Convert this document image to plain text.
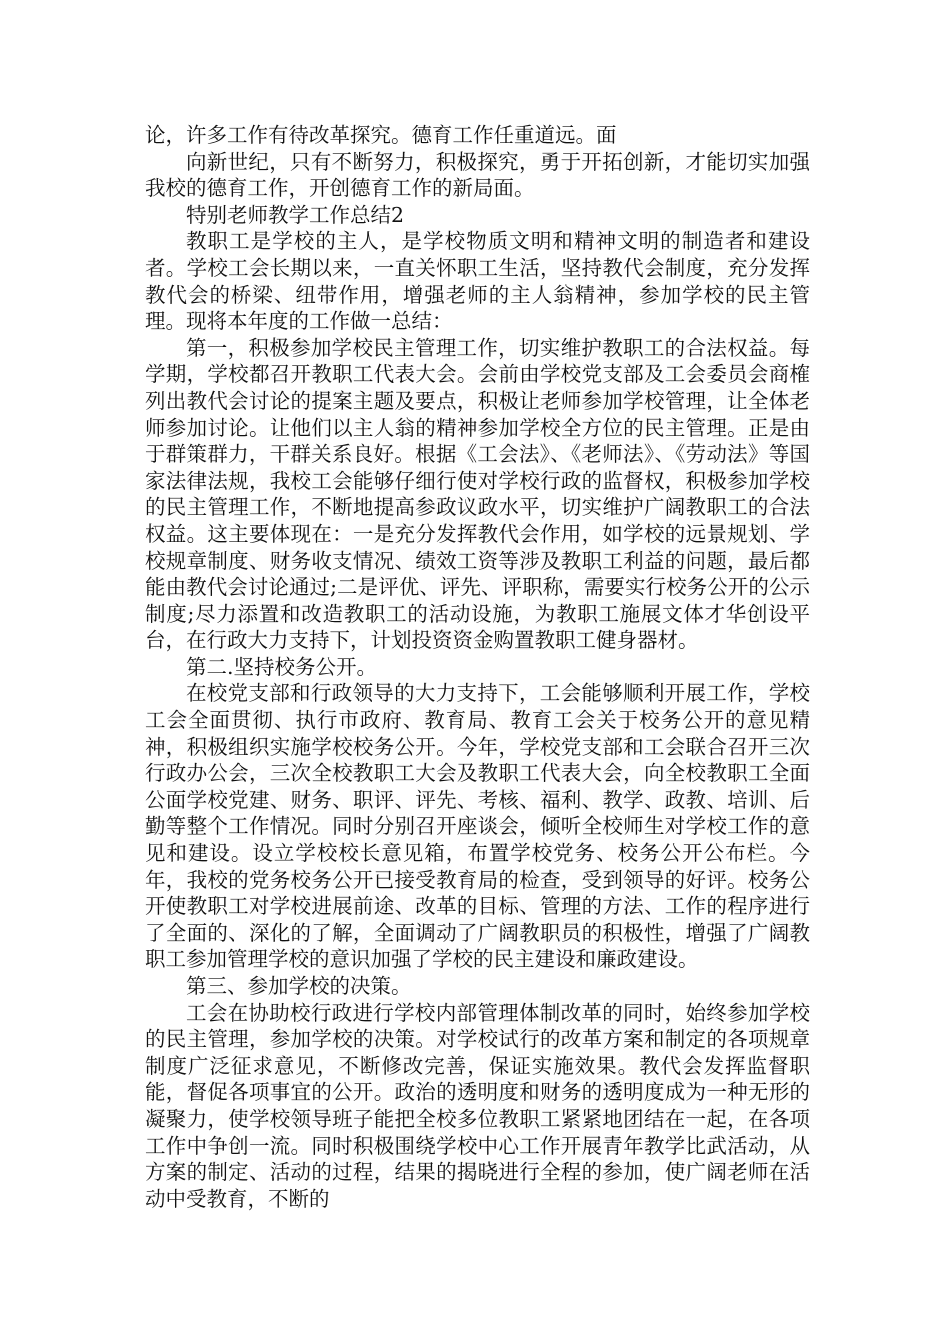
论，许多工作有待改革探究。德育工作任重道远。面

向新世纪，只有不断努力，积极探究，勇于开拓创新，才能切实加强我校的德育工作，开创德育工作的新局面。

特别老师教学工作总结2

教职工是学校的主人，是学校物质文明和精神文明的制造者和建设者。学校工会长期以来，一直关怀职工生活，坚持教代会制度，充分发挥教代会的桥梁、纽带作用，增强老师的主人翁精神，参加学校的民主管理。现将本年度的工作做一总结：

第一，积极参加学校民主管理工作，切实维护教职工的合法权益。每学期，学校都召开教职工代表大会。会前由学校党支部及工会委员会商榷列出教代会讨论的提案主题及要点，积极让老师参加学校管理，让全体老师参加讨论。让他们以主人翁的精神参加学校全方位的民主管理。正是由于群策群力，干群关系良好。根据《工会法》、《老师法》、《劳动法》等国家法律法规，我校工会能够仔细行使对学校行政的监督权，积极参加学校的民主管理工作，不断地提高参政议政水平，切实维护广阔教职工的合法权益。这主要体现在：一是充分发挥教代会作用，如学校的远景规划、学校规章制度、财务收支情况、绩效工资等涉及教职工利益的问题，最后都能由教代会讨论通过;二是评优、评先、评职称，需要实行校务公开的公示制度;尽力添置和改造教职工的活动设施，为教职工施展文体才华创设平台，在行政大力支持下，计划投资资金购置教职工健身器材。

第二.坚持校务公开。

在校党支部和行政领导的大力支持下，工会能够顺利开展工作，学校工会全面贯彻、执行市政府、教育局、教育工会关于校务公开的意见精神，积极组织实施学校校务公开。今年，学校党支部和工会联合召开三次行政办公会，三次全校教职工大会及教职工代表大会，向全校教职工全面公面学校党建、财务、职评、评先、考核、福利、教学、政教、培训、后勤等整个工作情况。同时分别召开座谈会，倾听全校师生对学校工作的意见和建设。设立学校校长意见箱，布置学校党务、校务公开公布栏。今年，我校的党务校务公开已接受教育局的检查，受到领导的好评。校务公开使教职工对学校进展前途、改革的目标、管理的方法、工作的程序进行了全面的、深化的了解，全面调动了广阔教职员的积极性，增强了广阔教职工参加管理学校的意识加强了学校的民主建设和廉政建设。

第三、参加学校的决策。

工会在协助校行政进行学校内部管理体制改革的同时，始终参加学校的民主管理，参加学校的决策。对学校试行的改革方案和制定的各项规章制度广泛征求意见，不断修改完善，保证实施效果。教代会发挥监督职能，督促各项事宜的公开。政治的透明度和财务的透明度成为一种无形的凝聚力，使学校领导班子能把全校多位教职工紧紧地团结在一起，在各项工作中争创一流。同时积极围绕学校中心工作开展青年教学比武活动，从方案的制定、活动的过程，结果的揭晓进行全程的参加，使广阔老师在活动中受教育，不断的
